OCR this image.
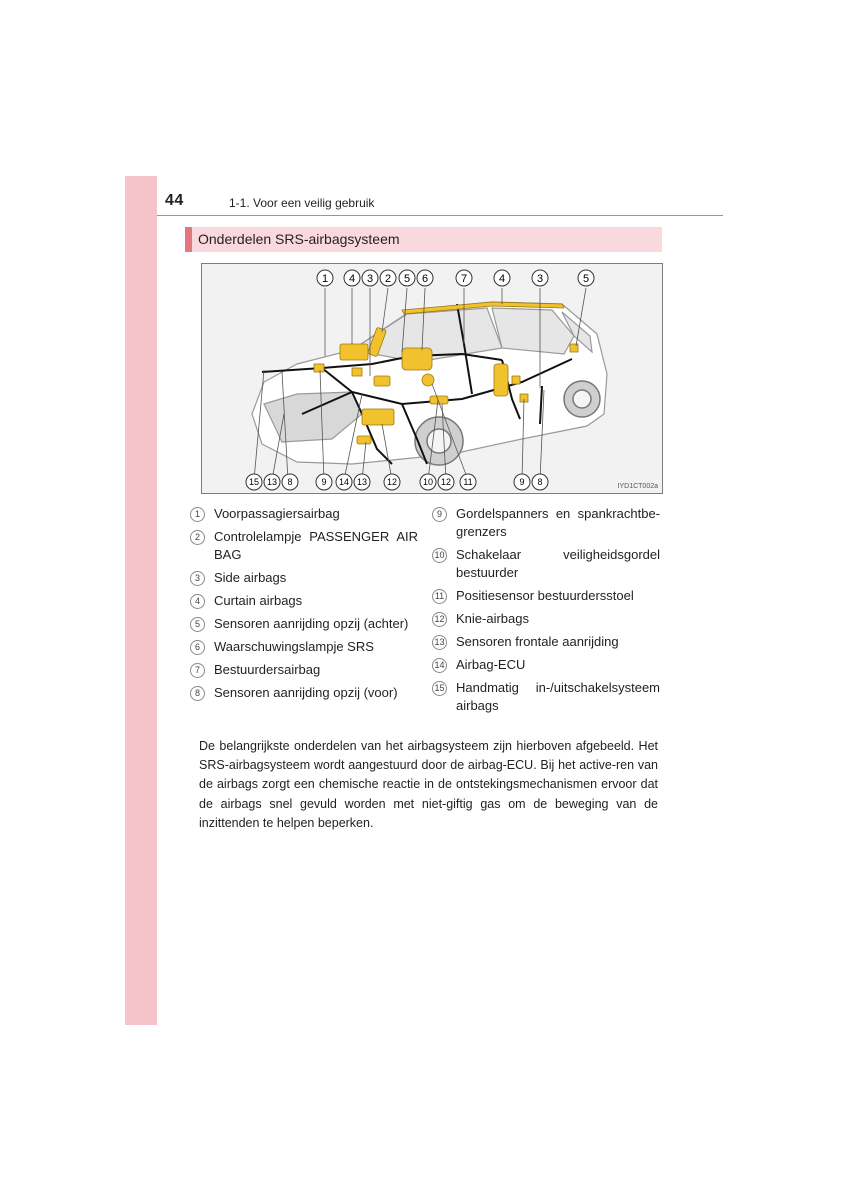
44	1-1. Voor een veilig gebruik
Onderdelen SRS-airbagsysteem
1 4 3 2 5 6	7	4	3	5
15 13 8	9 14 13 12	10 12 11	9 8	IYD1CT002a
1	Voorpassagiersairbag
2	Controlelampje PASSENGER AIR BAG
3	Side airbags
4	Curtain airbags
5	Sensoren aanrijding opzij (achter)
6	Waarschuwingslampje SRS
7	Bestuurdersairbag
8	Sensoren aanrijding opzij (voor)
9	Gordelspanners en spankrachtbe-grenzers
10 Schakelaar veiligheidsgordel bestuurder
11 Positiesensor bestuurdersstoel
12 Knie-airbags
13 Sensoren frontale aanrijding
14 Airbag-ECU
15 Handmatig in-/uitschakelsysteem airbags
De belangrijkste onderdelen van het airbagsysteem zijn hierboven afgebeeld. Het SRS-airbagsysteem wordt aangestuurd door de airbag-ECU. Bij het active-ren van de airbags zorgt een chemische reactie in de ontstekingsmechanismen ervoor dat de airbags snel gevuld worden met niet-giftig gas om de beweging van de inzittenden te helpen beperken.
